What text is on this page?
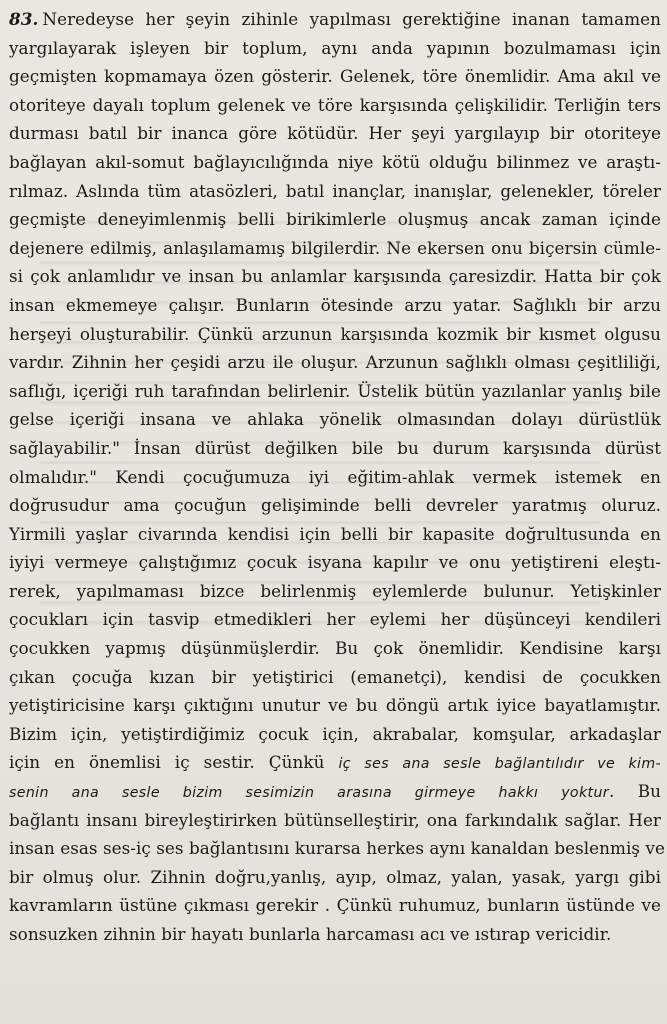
83. Neredeyse her şeyin zihinle yapılması gerektiğine inanan tamamen
yargılayarak işleyen bir toplum, aynı anda yapının bozulmaması için
geçmişten kopmamaya özen gösterir. Gelenek, töre önemlidir. Ama akıl ve
otoriteye dayalı toplum gelenek ve töre karşısında çelişkilidir. Terliğin ters
durması batıl bir inanca göre kötüdür. Her şeyi yargılayıp bir otoriteye
bağlayan akıl-somut bağlayıcılığında niye kötü olduğu bilinmez ve araştı-
rılmaz. Aslında tüm atasözleri, batıl inançlar, inanışlar, gelenekler, töreler
geçmişte deneyimlenmiş belli birikimlerle oluşmuş ancak zaman içinde
dejenere edilmiş, anlaşılamamış bilgilerdir. Ne ekersen onu biçersin cümle-
si çok anlamlıdır ve insan bu anlamlar karşısında çaresizdir. Hatta bir çok
insan ekmemeye çalışır. Bunların ötesinde arzu yatar. Sağlıklı bir arzu
herşeyi oluşturabilir. Çünkü arzunun karşısında kozmik bir kısmet olgusu
vardır. Zihnin her çeşidi arzu ile oluşur. Arzunun sağlıklı olması çeşitliliği,
saflığı, içeriği ruh tarafından belirlenir. Üstelik bütün yazılanlar yanlış bile
gelse içeriği insana ve ahlaka yönelik olmasından dolayı dürüstlük
sağlayabilir." İnsan dürüst değilken bile bu durum karşısında dürüst
olmalıdır." Kendi çocuğumuza iyi eğitim-ahlak vermek istemek en
doğrusudur ama çocuğun gelişiminde belli devreler yaratmış oluruz.
Yirmili yaşlar civarında kendisi için belli bir kapasite doğrultusunda en
iyiyi vermeye çalıştığımız çocuk isyana kapılır ve onu yetiştireni eleştı-
rerek, yapılmaması bizce belirlenmiş eylemlerde bulunur. Yetişkinler
çocukları için tasvip etmedikleri her eylemi her düşünceyi kendileri
çocukken yapmış düşünmüşlerdir. Bu çok önemlidir. Kendisine karşı
çıkan çocuğa kızan bir yetiştirici (emanetçi), kendisi de çocukken
yetiştiricisine karşı çıktığını unutur ve bu döngü artık iyice bayatlamıştır.
Bizim için, yetiştirdiğimiz çocuk için, akrabalar, komşular, arkadaşlar
için en önemlisi iç sestir. Çünkü iç ses ana sesle bağlantılıdır ve kim-
senin ana sesle bizim sesimizin arasına girmeye hakkı yoktur. Bu
bağlantı insanı bireyleştirirken bütünselleştirir, ona farkındalık sağlar. Her
insan esas ses-iç ses bağlantısını kurarsa herkes aynı kanaldan beslenmiş ve
bir olmuş olur. Zihnin doğru,yanlış, ayıp, olmaz, yalan, yasak, yargı gibi
kavramların üstüne çıkması gerekir . Çünkü ruhumuz, bunların üstünde ve
sonsuzken zihnin bir hayatı bunlarla harcaması acı ve ıstırap vericidir.
